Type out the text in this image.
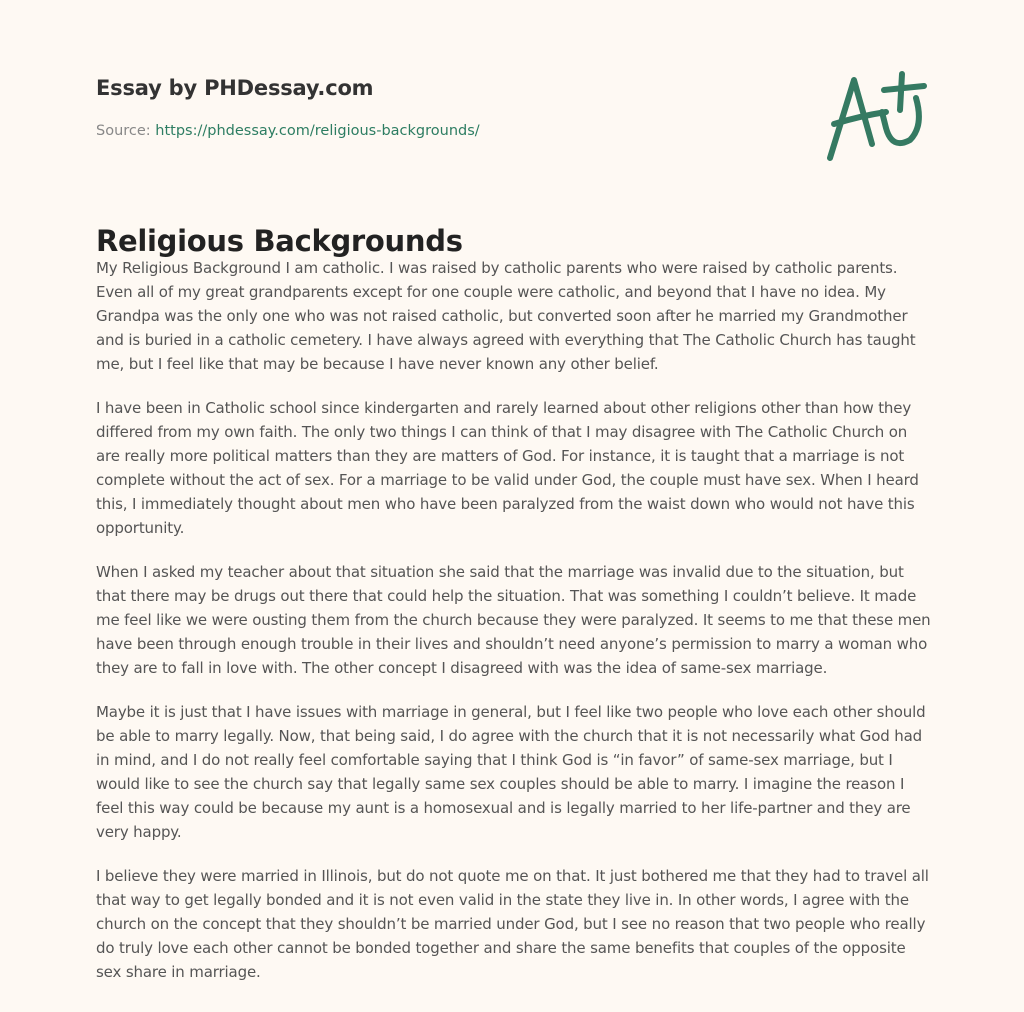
Essay by PHDessay.com
Source: https://phdessay.com/religious-backgrounds/
Religious Backgrounds

My Religious Background I am catholic. I was raised by catholic parents who were raised by catholic parents. Even all of my great grandparents except for one couple were catholic, and beyond that I have no idea. My Grandpa was the only one who was not raised catholic, but converted soon after he married my Grandmother and is buried in a catholic cemetery. I have always agreed with everything that The Catholic Church has taught me, but I feel like that may be because I have never known any other belief.

I have been in Catholic school since kindergarten and rarely learned about other religions other than how they differed from my own faith. The only two things I can think of that I may disagree with The Catholic Church on are really more political matters than they are matters of God. For instance, it is taught that a marriage is not complete without the act of sex. For a marriage to be valid under God, the couple must have sex. When I heard this, I immediately thought about men who have been paralyzed from the waist down who would not have this opportunity.

When I asked my teacher about that situation she said that the marriage was invalid due to the situation, but that there may be drugs out there that could help the situation. That was something I couldn’t believe. It made me feel like we were ousting them from the church because they were paralyzed. It seems to me that these men have been through enough trouble in their lives and shouldn’t need anyone’s permission to marry a woman who they are to fall in love with. The other concept I disagreed with was the idea of same-sex marriage.

Maybe it is just that I have issues with marriage in general, but I feel like two people who love each other should be able to marry legally. Now, that being said, I do agree with the church that it is not necessarily what God had in mind, and I do not really feel comfortable saying that I think God is “in favor” of same-sex marriage, but I would like to see the church say that legally same sex couples should be able to marry. I imagine the reason I feel this way could be because my aunt is a homosexual and is legally married to her life-partner and they are very happy.

I believe they were married in Illinois, but do not quote me on that. It just bothered me that they had to travel all that way to get legally bonded and it is not even valid in the state they live in. In other words, I agree with the church on the concept that they shouldn’t be married under God, but I see no reason that two people who really do truly love each other cannot be bonded together and share the same benefits that couples of the opposite sex share in marriage.
